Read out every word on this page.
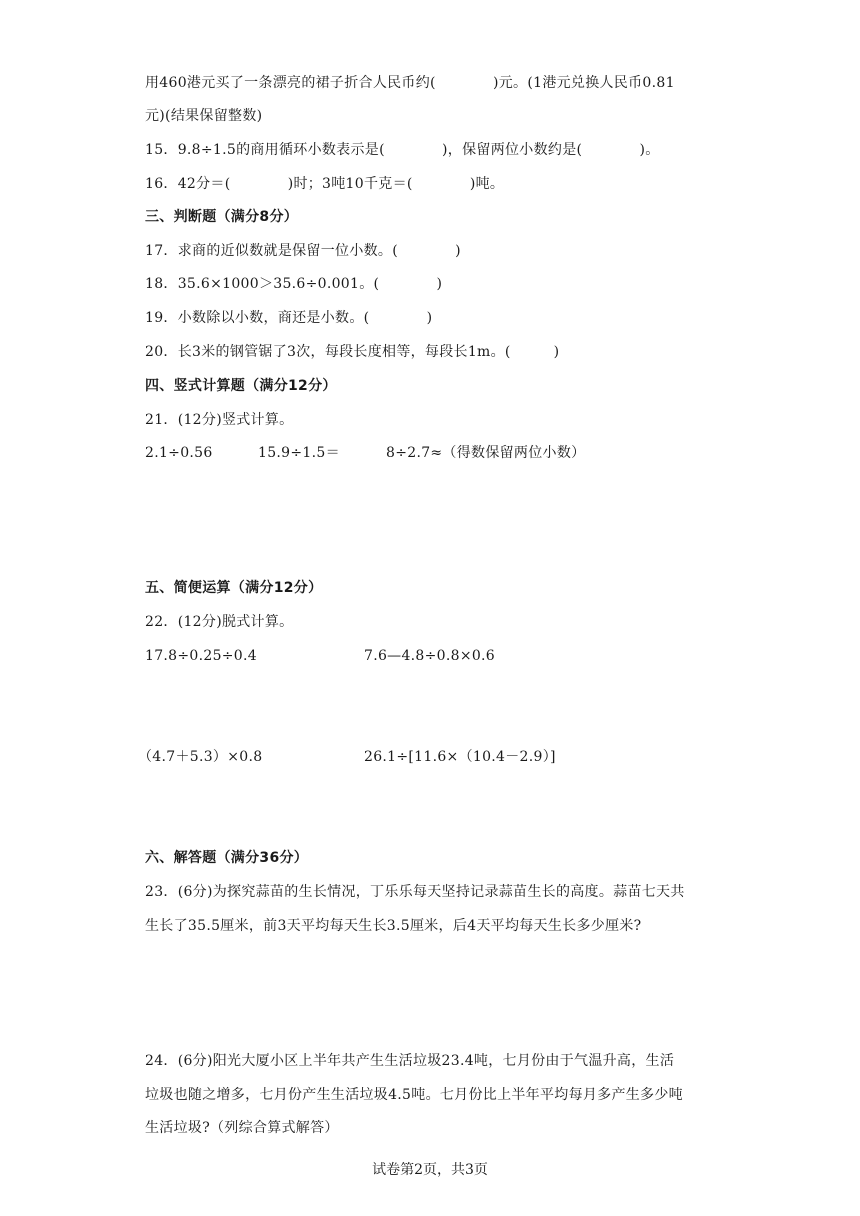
用460港元买了一条漂亮的裙子折合人民币约(　　　　)元。(1港元兑换人民币0.81
元)(结果保留整数)
15．9.8÷1.5的商用循环小数表示是(　　　　)，保留两位小数约是(　　　　)。
16．42分＝(　　　　)时；3吨10千克＝(　　　　)吨。
三、判断题（满分8分）
17．求商的近似数就是保留一位小数。(　　　　)
18．35.6×1000＞35.6÷0.001。(　　　　)
19．小数除以小数，商还是小数。(　　　　)
20．长3米的钢管锯了3次，每段长度相等，每段长1m。(　　　)
四、竖式计算题（满分12分）
21．(12分)竖式计算。
2.1÷0.56	15.9÷1.5＝	8÷2.7≈（得数保留两位小数）
五、简便运算（满分12分）
22．(12分)脱式计算。
17.8÷0.25÷0.4	7.6—4.8÷0.8×0.6
（4.7＋5.3）×0.8	26.1÷[11.6×（10.4－2.9）]
六、解答题（满分36分）
23．(6分)为探究蒜苗的生长情况，丁乐乐每天坚持记录蒜苗生长的高度。蒜苗七天共
生长了35.5厘米，前3天平均每天生长3.5厘米，后4天平均每天生长多少厘米?
24．(6分)阳光大厦小区上半年共产生生活垃圾23.4吨，七月份由于气温升高，生活
垃圾也随之增多，七月份产生生活垃圾4.5吨。七月份比上半年平均每月多产生多少吨
生活垃圾?（列综合算式解答）
试卷第2页，共3页
